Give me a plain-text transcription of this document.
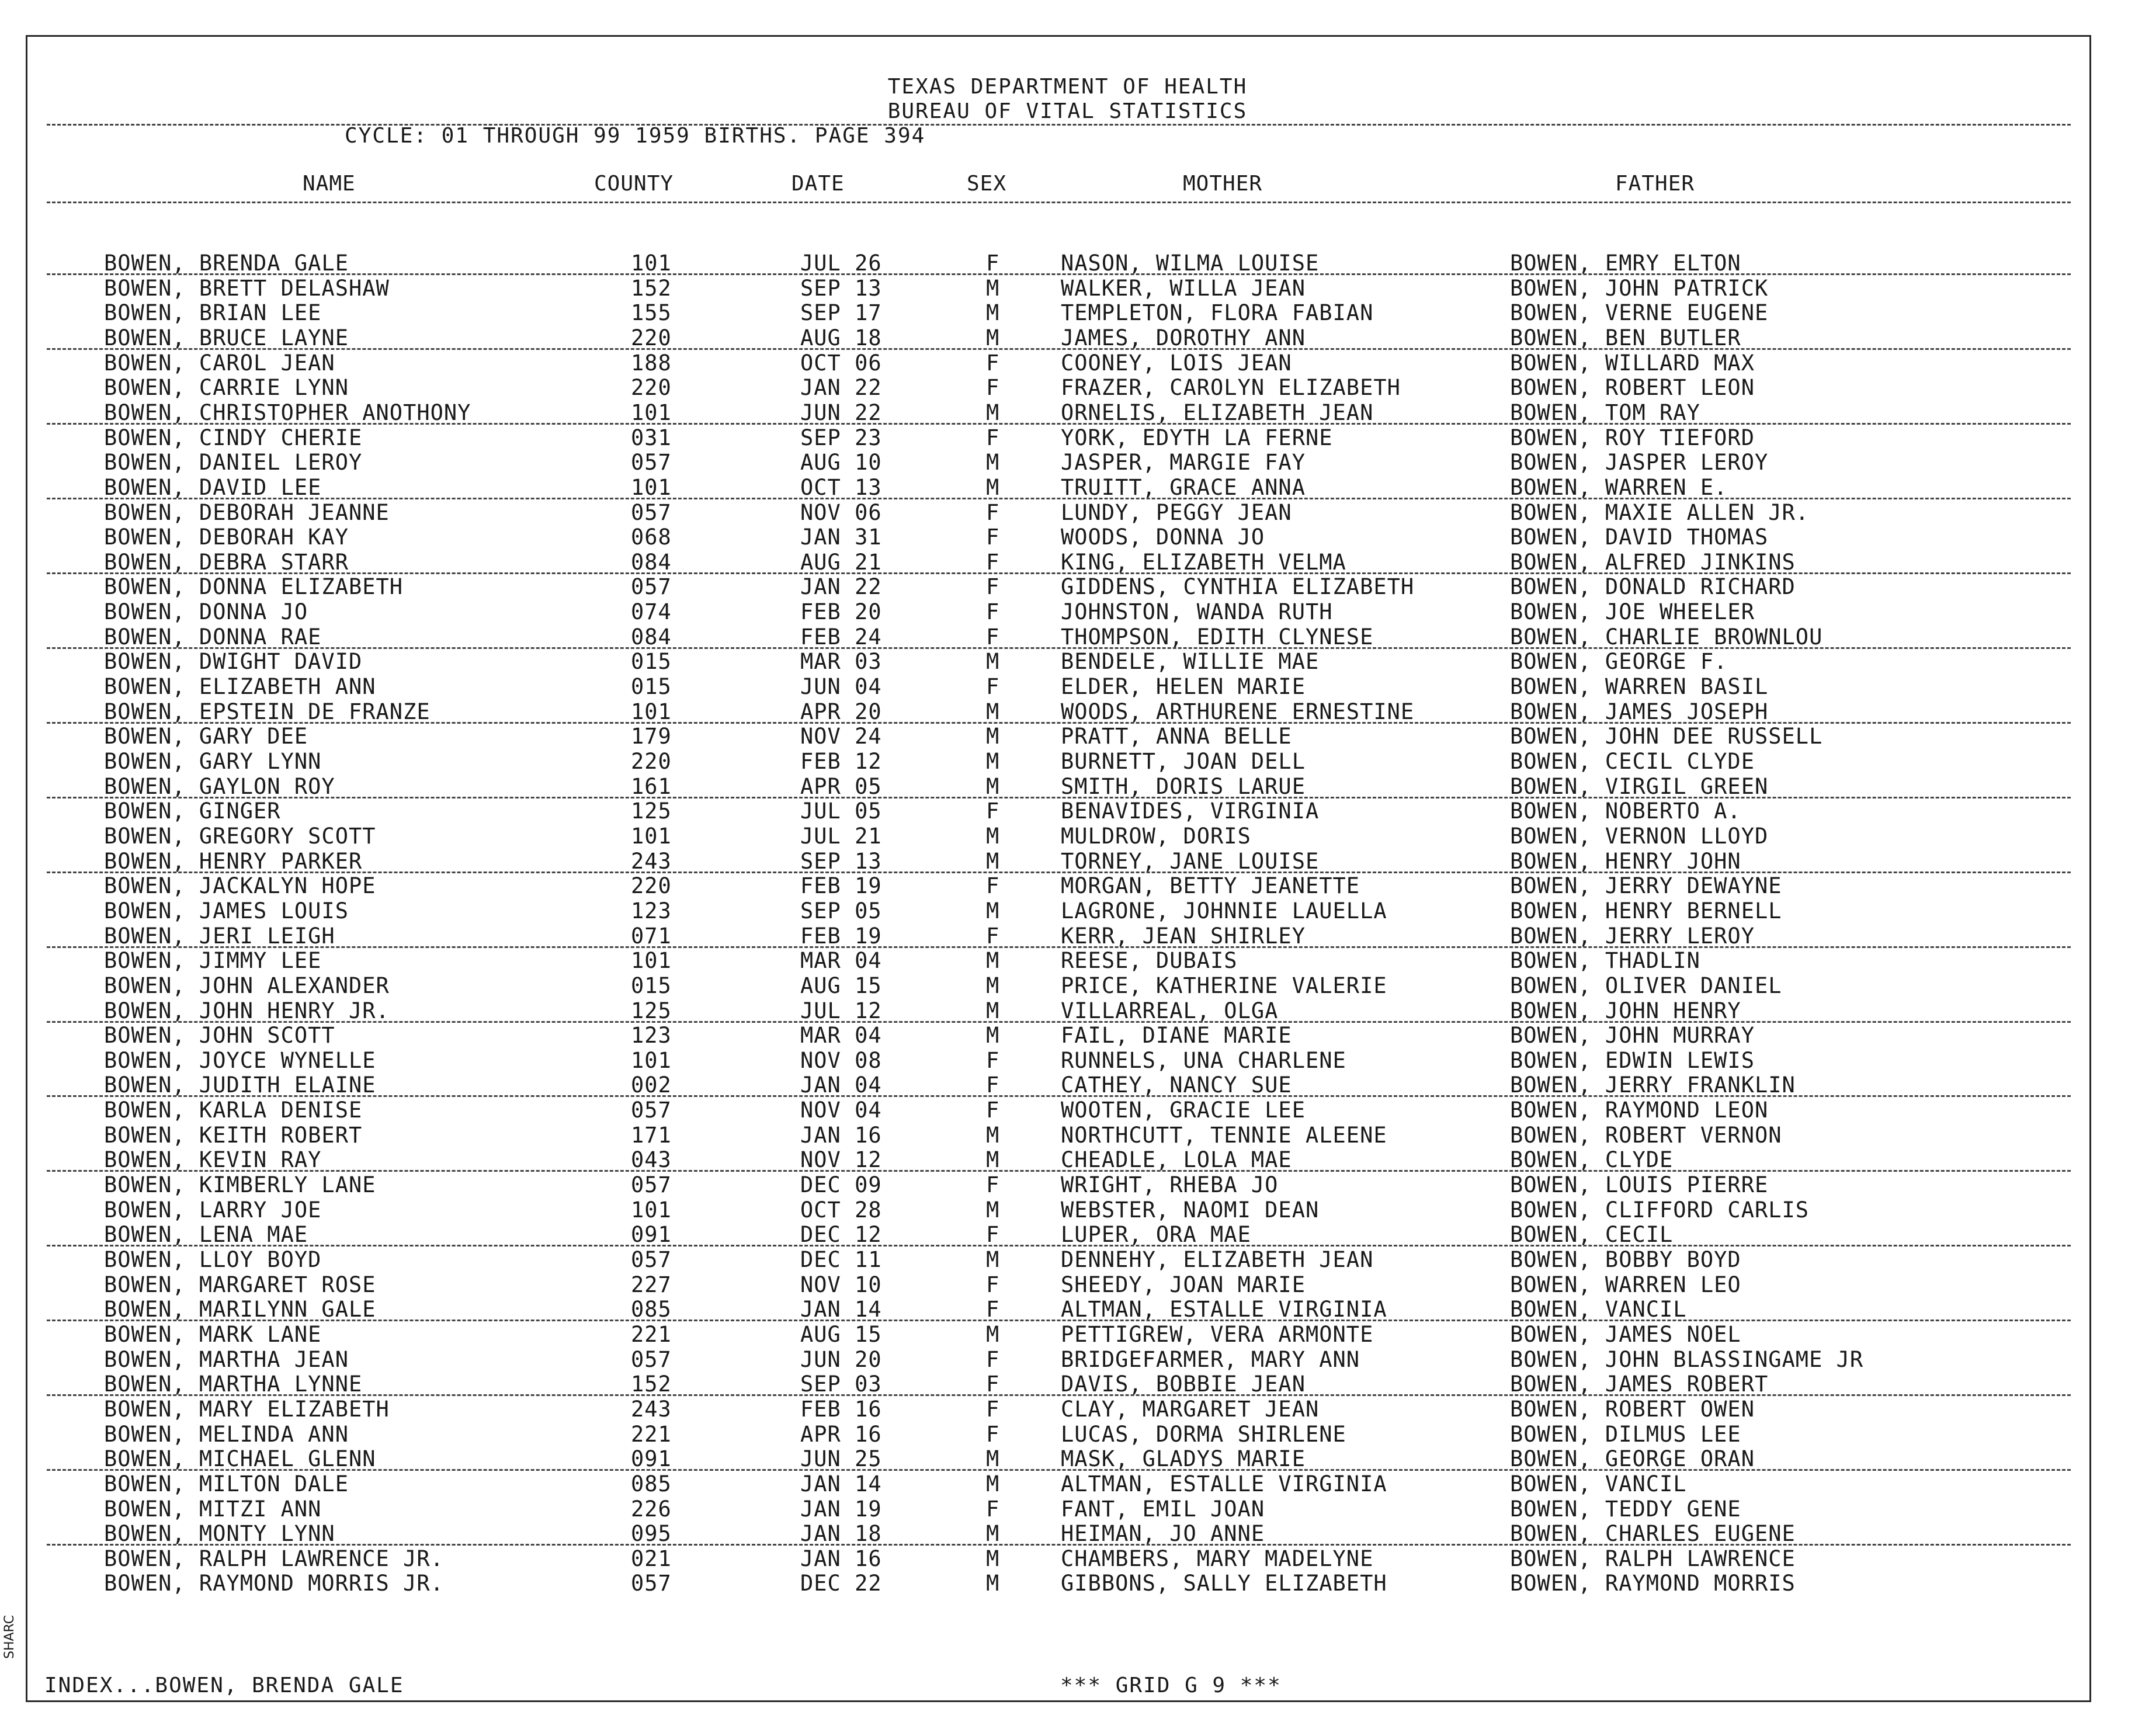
TEXAS DEPARTMENT OF HEALTH
BUREAU OF VITAL STATISTICS
CYCLE: 01 THROUGH 99 1959 BIRTHS. PAGE 394
NAME	COUNTY	DATE	SEX	MOTHER	FATHER
BOWEN, BRENDA GALE	101	JUL 26	F	NASON, WILMA LOUISE	BOWEN, EMRY ELTON
BOWEN, BRETT DELASHAW	152	SEP 13	M	WALKER, WILLA JEAN	BOWEN, JOHN PATRICK
BOWEN, BRIAN LEE	155	SEP 17	M	TEMPLETON, FLORA FABIAN	BOWEN, VERNE EUGENE
BOWEN, BRUCE LAYNE	220	AUG 18	M	JAMES, DOROTHY ANN	BOWEN, BEN BUTLER
BOWEN, CAROL JEAN	188	OCT 06	F	COONEY, LOIS JEAN	BOWEN, WILLARD MAX
BOWEN, CARRIE LYNN	220	JAN 22	F	FRAZER, CAROLYN ELIZABETH	BOWEN, ROBERT LEON
BOWEN, CHRISTOPHER ANOTHONY	101	JUN 22	M	ORNELIS, ELIZABETH JEAN	BOWEN, TOM RAY
BOWEN, CINDY CHERIE	031	SEP 23	F	YORK, EDYTH LA FERNE	BOWEN, ROY TIEFORD
BOWEN, DANIEL LEROY	057	AUG 10	M	JASPER, MARGIE FAY	BOWEN, JASPER LEROY
BOWEN, DAVID LEE	101	OCT 13	M	TRUITT, GRACE ANNA	BOWEN, WARREN E.
BOWEN, DEBORAH JEANNE	057	NOV 06	F	LUNDY, PEGGY JEAN	BOWEN, MAXIE ALLEN JR.
BOWEN, DEBORAH KAY	068	JAN 31	F	WOODS, DONNA JO	BOWEN, DAVID THOMAS
BOWEN, DEBRA STARR	084	AUG 21	F	KING, ELIZABETH VELMA	BOWEN, ALFRED JINKINS
BOWEN, DONNA ELIZABETH	057	JAN 22	F	GIDDENS, CYNTHIA ELIZABETH	BOWEN, DONALD RICHARD
BOWEN, DONNA JO	074	FEB 20	F	JOHNSTON, WANDA RUTH	BOWEN, JOE WHEELER
BOWEN, DONNA RAE	084	FEB 24	F	THOMPSON, EDITH CLYNESE	BOWEN, CHARLIE BROWNLOU
BOWEN, DWIGHT DAVID	015	MAR 03	M	BENDELE, WILLIE MAE	BOWEN, GEORGE F.
BOWEN, ELIZABETH ANN	015	JUN 04	F	ELDER, HELEN MARIE	BOWEN, WARREN BASIL
BOWEN, EPSTEIN DE FRANZE	101	APR 20	M	WOODS, ARTHURENE ERNESTINE	BOWEN, JAMES JOSEPH
BOWEN, GARY DEE	179	NOV 24	M	PRATT, ANNA BELLE	BOWEN, JOHN DEE RUSSELL
BOWEN, GARY LYNN	220	FEB 12	M	BURNETT, JOAN DELL	BOWEN, CECIL CLYDE
BOWEN, GAYLON ROY	161	APR 05	M	SMITH, DORIS LARUE	BOWEN, VIRGIL GREEN
BOWEN, GINGER	125	JUL 05	F	BENAVIDES, VIRGINIA	BOWEN, NOBERTO A.
BOWEN, GREGORY SCOTT	101	JUL 21	M	MULDROW, DORIS	BOWEN, VERNON LLOYD
BOWEN, HENRY PARKER	243	SEP 13	M	TORNEY, JANE LOUISE	BOWEN, HENRY JOHN
BOWEN, JACKALYN HOPE	220	FEB 19	F	MORGAN, BETTY JEANETTE	BOWEN, JERRY DEWAYNE
BOWEN, JAMES LOUIS	123	SEP 05	M	LAGRONE, JOHNNIE LAUELLA	BOWEN, HENRY BERNELL
BOWEN, JERI LEIGH	071	FEB 19	F	KERR, JEAN SHIRLEY	BOWEN, JERRY LEROY
BOWEN, JIMMY LEE	101	MAR 04	M	REESE, DUBAIS	BOWEN, THADLIN
BOWEN, JOHN ALEXANDER	015	AUG 15	M	PRICE, KATHERINE VALERIE	BOWEN, OLIVER DANIEL
BOWEN, JOHN HENRY JR.	125	JUL 12	M	VILLARREAL, OLGA	BOWEN, JOHN HENRY
BOWEN, JOHN SCOTT	123	MAR 04	M	FAIL, DIANE MARIE	BOWEN, JOHN MURRAY
BOWEN, JOYCE WYNELLE	101	NOV 08	F	RUNNELS, UNA CHARLENE	BOWEN, EDWIN LEWIS
BOWEN, JUDITH ELAINE	002	JAN 04	F	CATHEY, NANCY SUE	BOWEN, JERRY FRANKLIN
BOWEN, KARLA DENISE	057	NOV 04	F	WOOTEN, GRACIE LEE	BOWEN, RAYMOND LEON
BOWEN, KEITH ROBERT	171	JAN 16	M	NORTHCUTT, TENNIE ALEENE	BOWEN, ROBERT VERNON
BOWEN, KEVIN RAY	043	NOV 12	M	CHEADLE, LOLA MAE	BOWEN, CLYDE
BOWEN, KIMBERLY LANE	057	DEC 09	F	WRIGHT, RHEBA JO	BOWEN, LOUIS PIERRE
BOWEN, LARRY JOE	101	OCT 28	M	WEBSTER, NAOMI DEAN	BOWEN, CLIFFORD CARLIS
BOWEN, LENA MAE	091	DEC 12	F	LUPER, ORA MAE	BOWEN, CECIL
BOWEN, LLOY BOYD	057	DEC 11	M	DENNEHY, ELIZABETH JEAN	BOWEN, BOBBY BOYD
BOWEN, MARGARET ROSE	227	NOV 10	F	SHEEDY, JOAN MARIE	BOWEN, WARREN LEO
BOWEN, MARILYNN GALE	085	JAN 14	F	ALTMAN, ESTALLE VIRGINIA	BOWEN, VANCIL
BOWEN, MARK LANE	221	AUG 15	M	PETTIGREW, VERA ARMONTE	BOWEN, JAMES NOEL
BOWEN, MARTHA JEAN	057	JUN 20	F	BRIDGEFARMER, MARY ANN	BOWEN, JOHN BLASSINGAME JR
BOWEN, MARTHA LYNNE	152	SEP 03	F	DAVIS, BOBBIE JEAN	BOWEN, JAMES ROBERT
BOWEN, MARY ELIZABETH	243	FEB 16	F	CLAY, MARGARET JEAN	BOWEN, ROBERT OWEN
BOWEN, MELINDA ANN	221	APR 16	F	LUCAS, DORMA SHIRLENE	BOWEN, DILMUS LEE
BOWEN, MICHAEL GLENN	091	JUN 25	M	MASK, GLADYS MARIE	BOWEN, GEORGE ORAN
BOWEN, MILTON DALE	085	JAN 14	M	ALTMAN, ESTALLE VIRGINIA	BOWEN, VANCIL
BOWEN, MITZI ANN	226	JAN 19	F	FANT, EMIL JOAN	BOWEN, TEDDY GENE
BOWEN, MONTY LYNN	095	JAN 18	M	HEIMAN, JO ANNE	BOWEN, CHARLES EUGENE
BOWEN, RALPH LAWRENCE JR.	021	JAN 16	M	CHAMBERS, MARY MADELYNE	BOWEN, RALPH LAWRENCE
BOWEN, RAYMOND MORRIS JR.	057	DEC 22	M	GIBBONS, SALLY ELIZABETH	BOWEN, RAYMOND MORRIS
INDEX...BOWEN, BRENDA GALE	*** GRID G 9 ***
SHARC
